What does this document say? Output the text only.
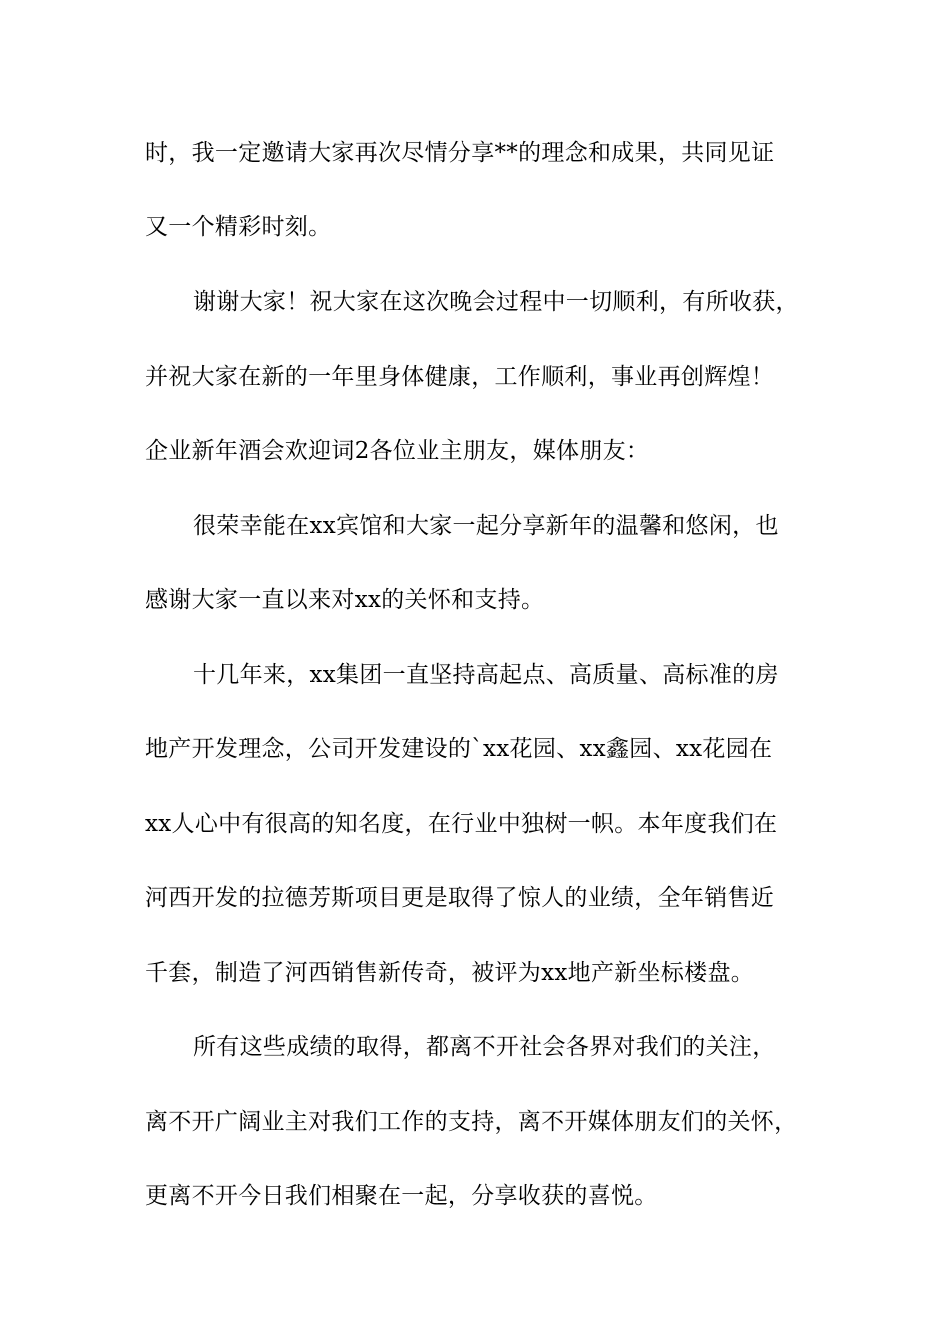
时，我一定邀请大家再次尽情分享**的理念和成果，共同见证
又一个精彩时刻。
谢谢大家！祝大家在这次晚会过程中一切顺利，有所收获，
并祝大家在新的一年里身体健康，工作顺利，事业再创辉煌！
企业新年酒会欢迎词2各位业主朋友，媒体朋友：
很荣幸能在xx宾馆和大家一起分享新年的温馨和悠闲，也
感谢大家一直以来对xx的关怀和支持。
十几年来，xx集团一直坚持高起点、高质量、高标准的房
地产开发理念，公司开发建设的`xx花园、xx鑫园、xx花园在
xx人心中有很高的知名度，在行业中独树一帜。本年度我们在
河西开发的拉德芳斯项目更是取得了惊人的业绩，全年销售近
千套，制造了河西销售新传奇，被评为xx地产新坐标楼盘。
所有这些成绩的取得，都离不开社会各界对我们的关注，
离不开广阔业主对我们工作的支持，离不开媒体朋友们的关怀，
更离不开今日我们相聚在一起，分享收获的喜悦。
